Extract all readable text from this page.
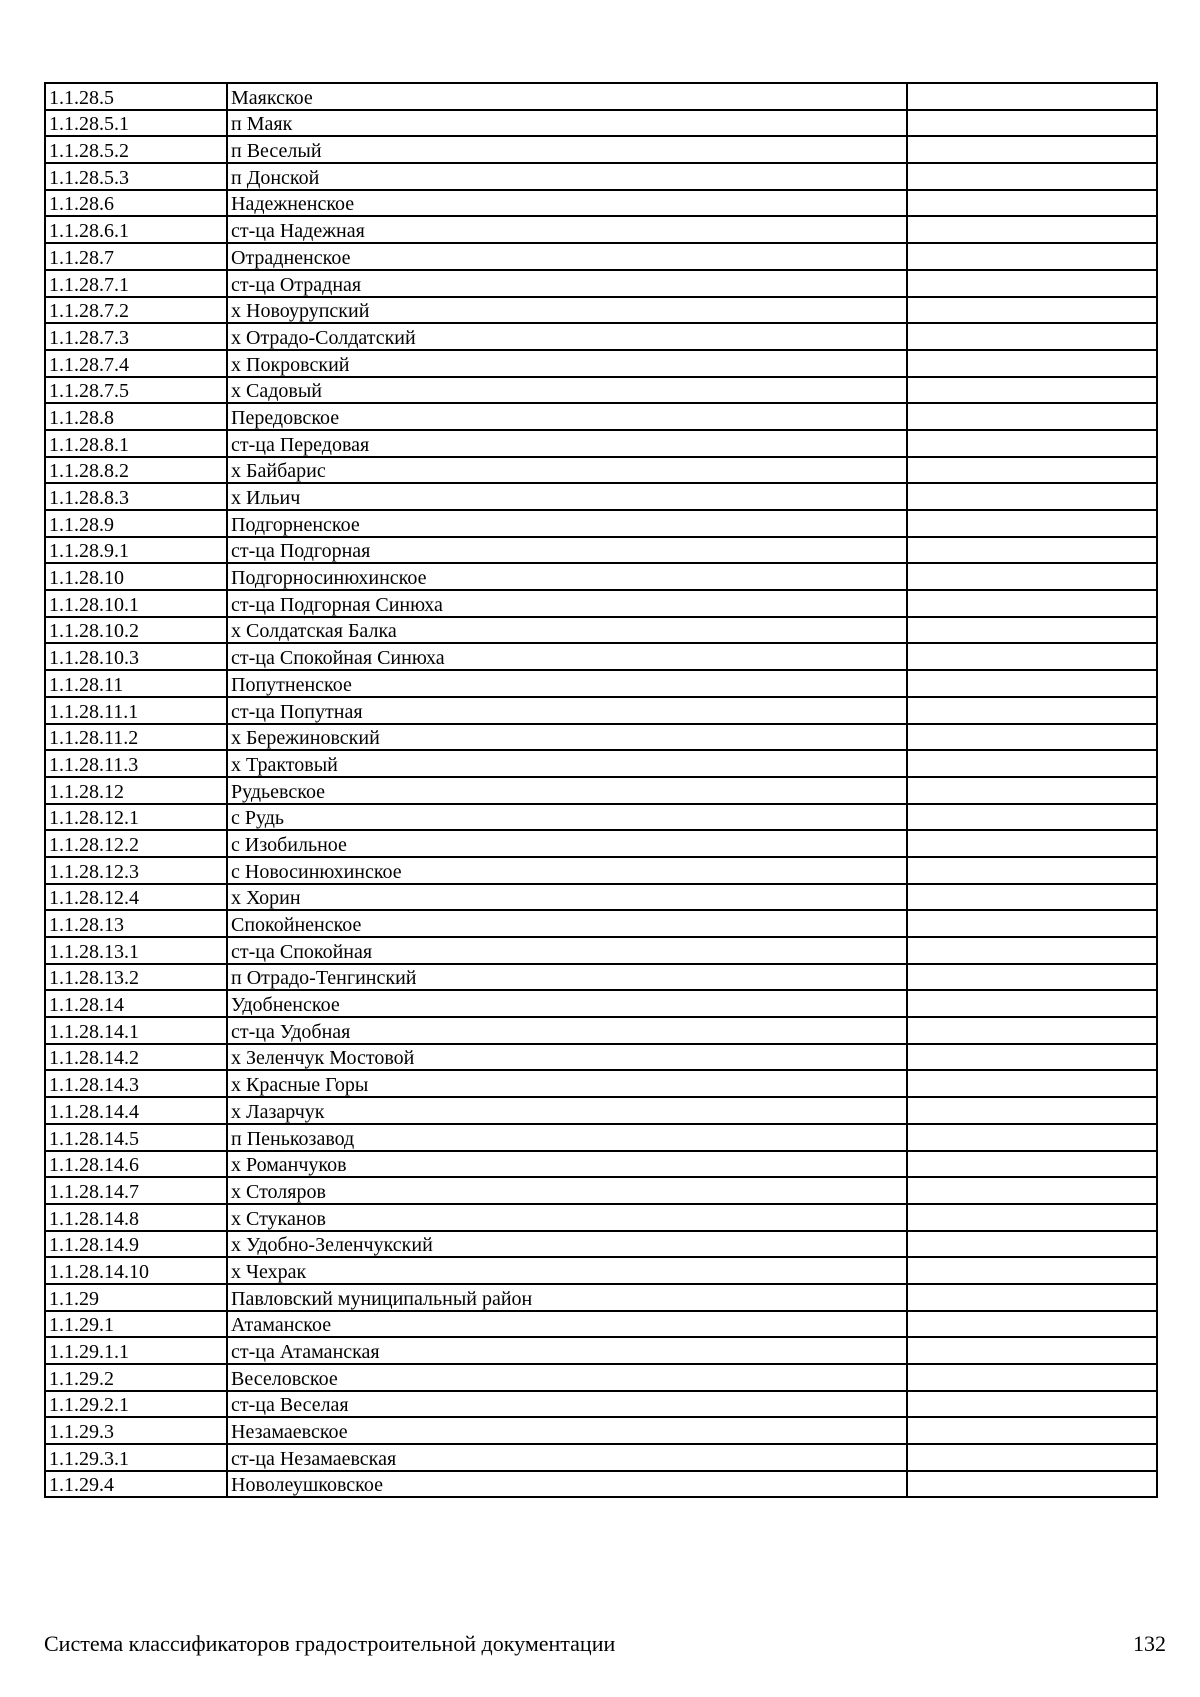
1.1.28.5	Маякское	
1.1.28.5.1	п Маяк	
1.1.28.5.2	п Веселый	
1.1.28.5.3	п Донской	
1.1.28.6	Надежненское	
1.1.28.6.1	ст-ца Надежная	
1.1.28.7	Отрадненское	
1.1.28.7.1	ст-ца Отрадная	
1.1.28.7.2	х Новоурупский	
1.1.28.7.3	х Отрадо-Солдатский	
1.1.28.7.4	х Покровский	
1.1.28.7.5	х Садовый	
1.1.28.8	Передовское	
1.1.28.8.1	ст-ца Передовая	
1.1.28.8.2	х Байбарис	
1.1.28.8.3	х Ильич	
1.1.28.9	Подгорненское	
1.1.28.9.1	ст-ца Подгорная	
1.1.28.10	Подгорносинюхинское	
1.1.28.10.1	ст-ца Подгорная Синюха	
1.1.28.10.2	х Солдатская Балка	
1.1.28.10.3	ст-ца Спокойная Синюха	
1.1.28.11	Попутненское	
1.1.28.11.1	ст-ца Попутная	
1.1.28.11.2	х Бережиновский	
1.1.28.11.3	х Трактовый	
1.1.28.12	Рудьевское	
1.1.28.12.1	с Рудь	
1.1.28.12.2	с Изобильное	
1.1.28.12.3	с Новосинюхинское	
1.1.28.12.4	х Хорин	
1.1.28.13	Спокойненское	
1.1.28.13.1	ст-ца Спокойная	
1.1.28.13.2	п Отрадо-Тенгинский	
1.1.28.14	Удобненское	
1.1.28.14.1	ст-ца Удобная	
1.1.28.14.2	х Зеленчук Мостовой	
1.1.28.14.3	х Красные Горы	
1.1.28.14.4	х Лазарчук	
1.1.28.14.5	п Пенькозавод	
1.1.28.14.6	х Романчуков	
1.1.28.14.7	х Столяров	
1.1.28.14.8	х Стуканов	
1.1.28.14.9	х Удобно-Зеленчукский	
1.1.28.14.10	х Чехрак	
1.1.29	Павловский муниципальный район	
1.1.29.1	Атаманское	
1.1.29.1.1	ст-ца Атаманская	
1.1.29.2	Веселовское	
1.1.29.2.1	ст-ца Веселая	
1.1.29.3	Незамаевское	
1.1.29.3.1	ст-ца Незамаевская	
1.1.29.4	Новолеушковское	
Система классификаторов градостроительной документации	132
